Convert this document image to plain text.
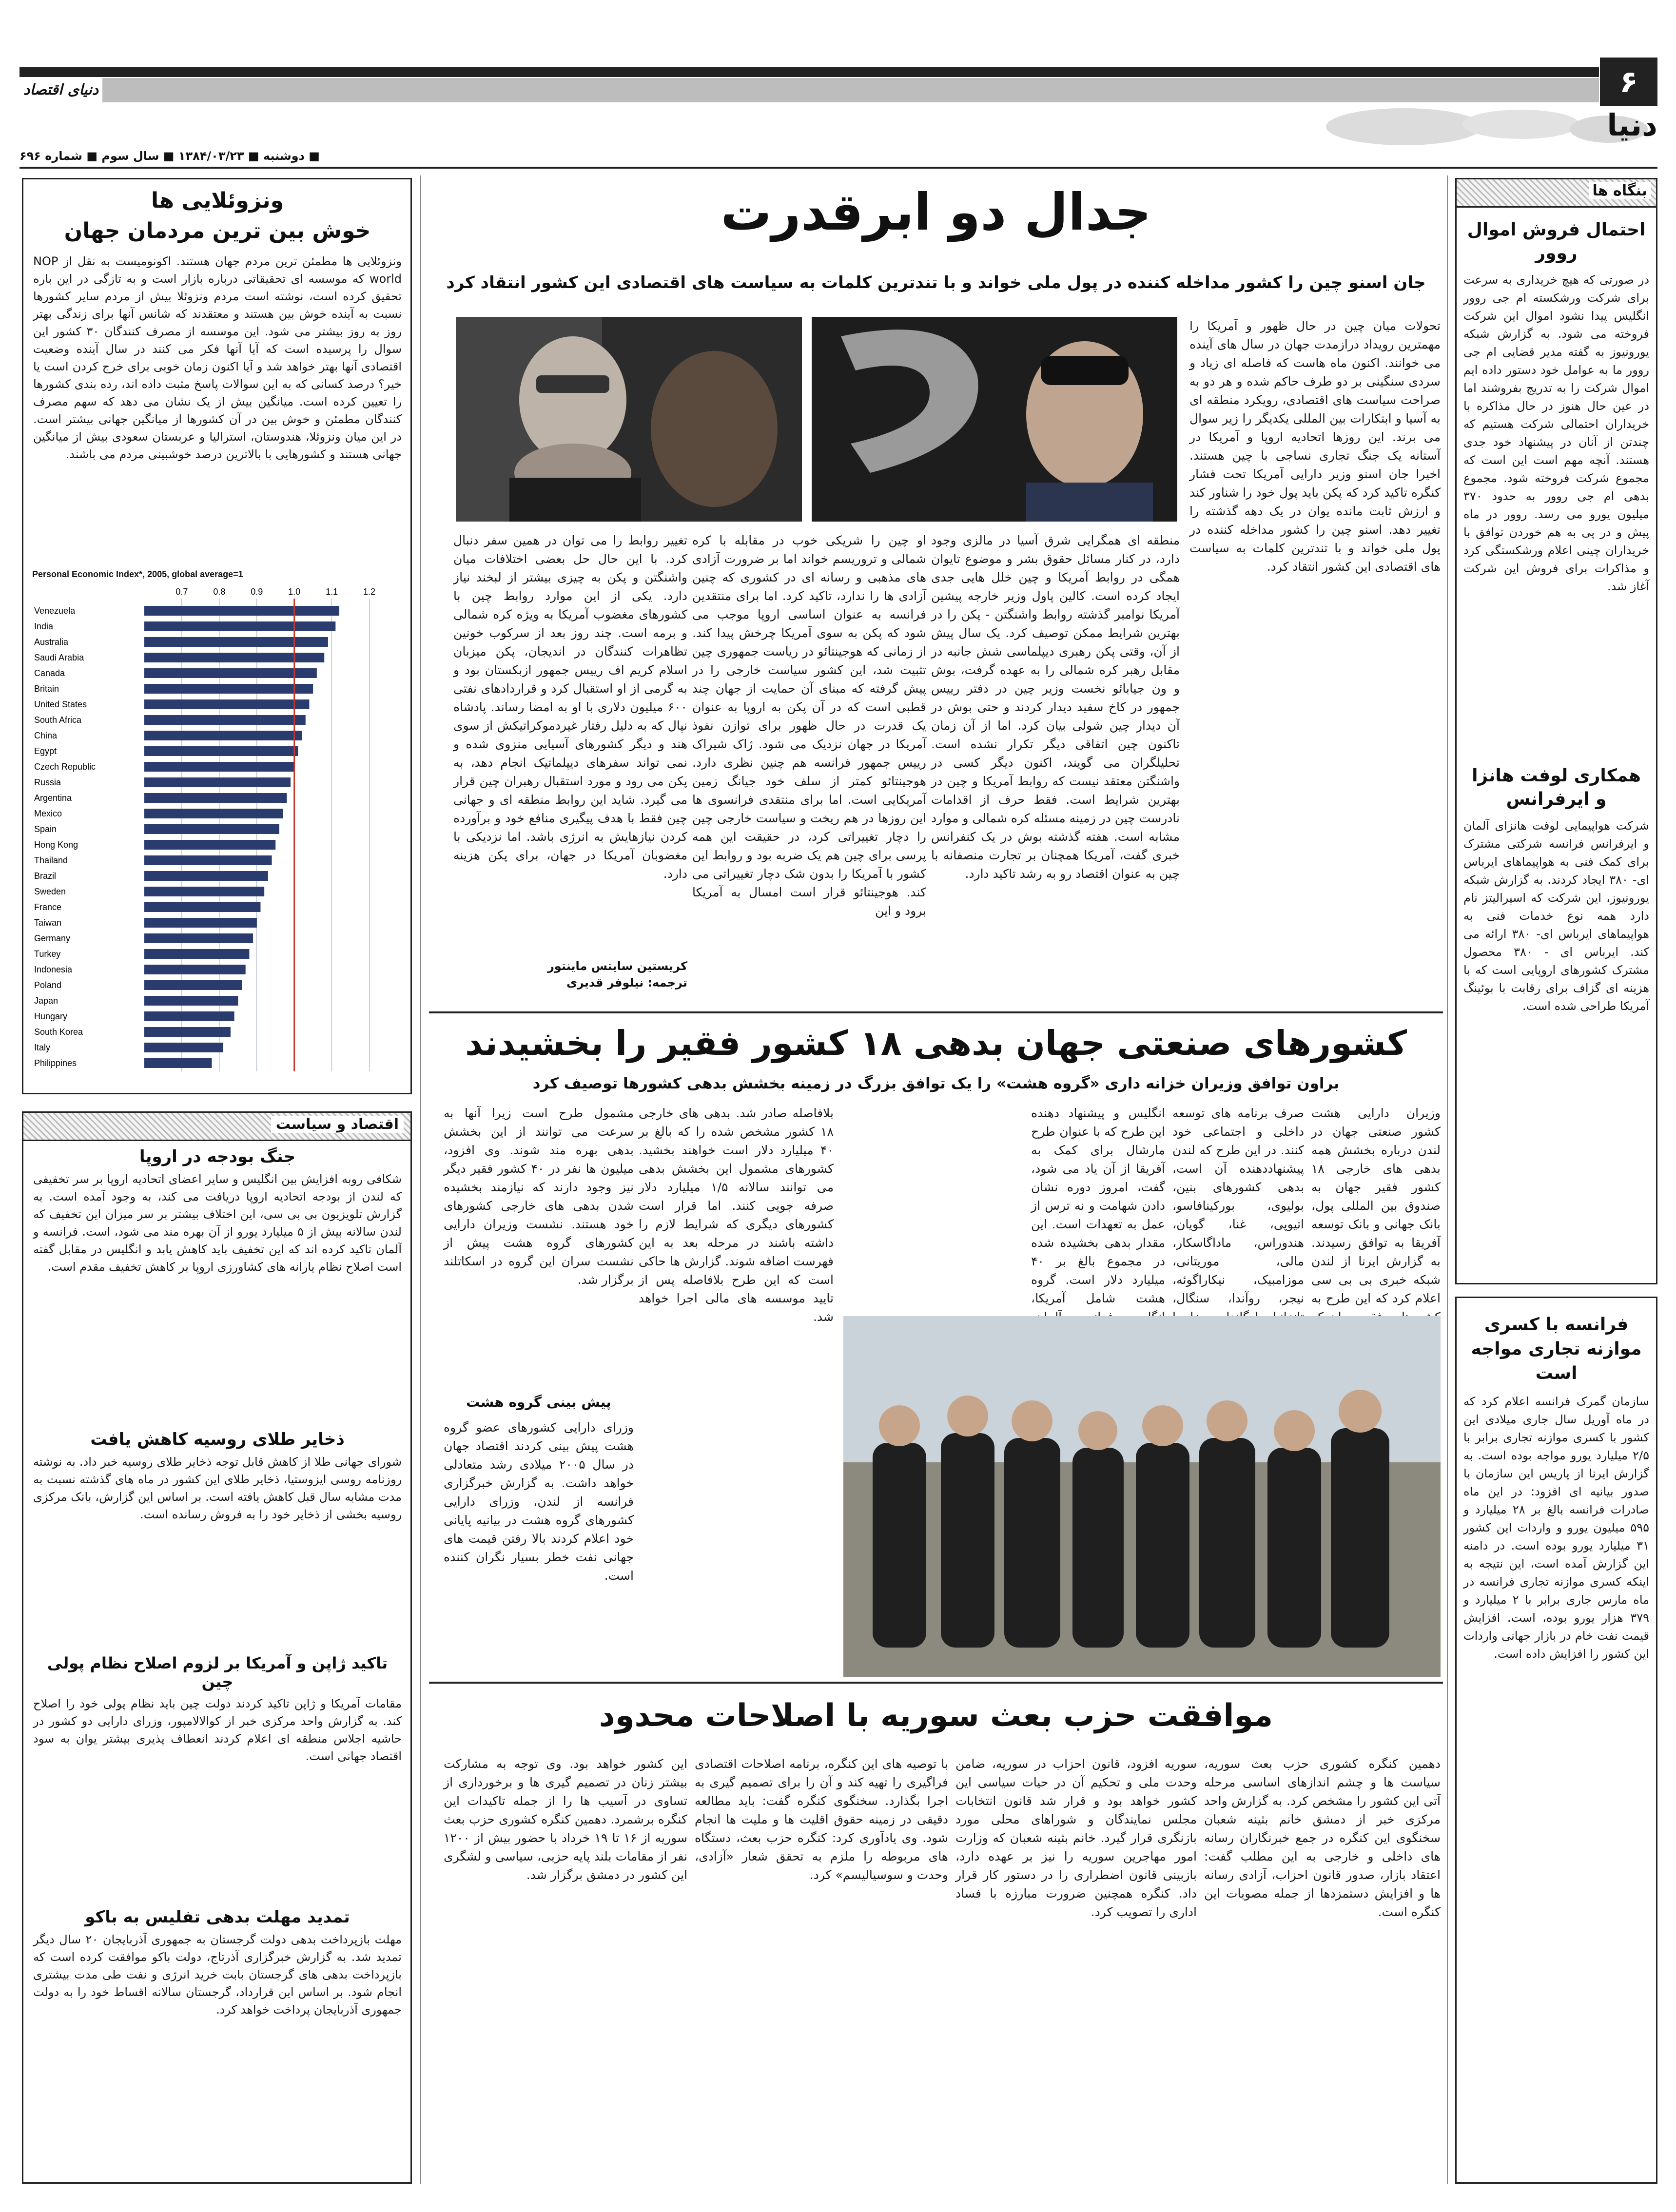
۶
دنیای اقتصاد
دنیا
■ دوشنبه ■ ۱۳۸۴/۰۳/۲۳ ■ سال سوم ■ شماره ۶۹۶
ونزوئلایی ها
خوش بین ترین مردمان جهان
ونزوئلایی ها مطمئن ترین مردم جهان هستند. اکونومیست به نقل از NOP world که موسسه ای تحقیقاتی درباره بازار است و به تازگی در این باره تحقیق کرده است، نوشته است مردم ونزوئلا بیش از مردم سایر کشورها نسبت به آینده خوش بین هستند و معتقدند که شانس آنها برای زندگی بهتر روز به روز بیشتر می شود. این موسسه از مصرف کنندگان ۳۰ کشور این سوال را پرسیده است که آیا آنها فکر می کنند در سال آینده وضعیت اقتصادی آنها بهتر خواهد شد و آیا اکنون زمان خوبی برای خرج کردن است یا خیر؟ درصد کسانی که به این سوالات پاسخ مثبت داده اند، رده بندی کشورها را تعیین کرده است. میانگین بیش از یک نشان می دهد که سهم مصرف کنندگان مطمئن و خوش بین در آن کشورها از میانگین جهانی بیشتر است. در این میان ونزوئلا، هندوستان، استرالیا و عربستان سعودی بیش از میانگین جهانی هستند و کشورهایی با بالاترین درصد خوشبینی مردم می باشند.
Personal Economic Index*, 2005, global average=1
0.7	0.8	0.9	1.0	1.1	1.2
Venezuela
India
Australia
Saudi Arabia
Canada
Britain
United States
South Africa
China
Egypt
Czech Republic
Russia
Argentina
Mexico
Spain
Hong Kong
Thailand
Brazil
Sweden
France
Taiwan
Germany
Turkey
Indonesia
Poland
Japan
Hungary
South Korea
Italy
Philippines
اقتصاد و سیاست
جنگ بودجه در اروپا
شکافی روبه افزایش بین انگلیس و سایر اعضای اتحادیه اروپا بر سر تخفیفی که لندن از بودجه اتحادیه اروپا دریافت می کند، به وجود آمده است. به گزارش تلویزیون بی بی سی، این اختلاف بیشتر بر سر میزان این تخفیف که لندن سالانه بیش از ۵ میلیارد یورو از آن بهره مند می شود، است. فرانسه و آلمان تاکید کرده اند که این تخفیف باید کاهش یابد و انگلیس در مقابل گفته است اصلاح نظام یارانه های کشاورزی اروپا بر کاهش تخفیف مقدم است.
ذخایر طلای روسیه کاهش یافت
شورای جهانی طلا از کاهش قابل توجه ذخایر طلای روسیه خبر داد. به نوشته روزنامه روسی ایزوستیا، ذخایر طلای این کشور در ماه های گذشته نسبت به مدت مشابه سال قبل کاهش یافته است. بر اساس این گزارش، بانک مرکزی روسیه بخشی از ذخایر خود را به فروش رسانده است.
تاکید ژاپن و آمریکا بر لزوم اصلاح نظام پولی چین
مقامات آمریکا و ژاپن تاکید کردند دولت چین باید نظام پولی خود را اصلاح کند. به گزارش واحد مرکزی خبر از کوالالامپور، وزرای دارایی دو کشور در حاشیه اجلاس منطقه ای اعلام کردند انعطاف پذیری بیشتر یوان به سود اقتصاد جهانی است.
تمدید مهلت بدهی تفلیس به باکو
مهلت بازپرداخت بدهی دولت گرجستان به جمهوری آذربایجان ۲۰ سال دیگر تمدید شد. به گزارش خبرگزاری آذرتاج، دولت باکو موافقت کرده است که بازپرداخت بدهی های گرجستان بابت خرید انرژی و نفت طی مدت بیشتری انجام شود. بر اساس این قرارداد، گرجستان سالانه اقساط خود را به دولت جمهوری آذربایجان پرداخت خواهد کرد.
بنگاه ها
احتمال فروش اموال روور
در صورتی که هیچ خریداری به سرعت برای شرکت ورشکسته ام جی روور انگلیس پیدا نشود اموال این شرکت فروخته می شود. به گزارش شبکه یورونیوز به گفته مدیر قضایی ام جی روور ما به عوامل خود دستور داده ایم اموال شرکت را به تدریج بفروشند اما در عین حال هنوز در حال مذاکره با خریداران احتمالی شرکت هستیم که چندتن از آنان در پیشنهاد خود جدی هستند. آنچه مهم است این است که مجموع شرکت فروخته شود. مجموع بدهی ام جی روور به حدود ۳۷۰ میلیون یورو می رسد. روور در ماه پیش و در پی به هم خوردن توافق با خریداران چینی اعلام ورشکستگی کرد و مذاکرات برای فروش این شرکت آغاز شد.
همکاری لوفت هانزا و ایرفرانس
شرکت هواپیمایی لوفت هانزای آلمان و ایرفرانس فرانسه شرکتی مشترک برای کمک فنی به هواپیماهای ایرباس ای- ۳۸۰ ایجاد کردند. به گزارش شبکه یورونیوز، این شرکت که اسپرالیتز نام دارد همه نوع خدمات فنی به هواپیماهای ایرباس ای- ۳۸۰ ارائه می کند. ایرباس ای - ۳۸۰ محصول مشترک کشورهای اروپایی است که با هزینه ای گزاف برای رقابت با بوئینگ آمریکا طراحی شده است.
فرانسه با کسری موازنه تجاری مواجه است
سازمان گمرک فرانسه اعلام کرد که در ماه آوریل سال جاری میلادی این کشور با کسری موازنه تجاری برابر با ۲/۵ میلیارد یورو مواجه بوده است. به گزارش ایرنا از پاریس این سازمان با صدور بیانیه ای افزود: در این ماه صادرات فرانسه بالغ بر ۲۸ میلیارد و ۵۹۵ میلیون یورو و واردات این کشور ۳۱ میلیارد یورو بوده است. در دامنه این گزارش آمده است، این نتیجه به اینکه کسری موازنه تجاری فرانسه در ماه مارس جاری برابر با ۲ میلیارد و ۳۷۹ هزار یورو بوده، است. افزایش قیمت نفت خام در بازار جهانی واردات این کشور را افزایش داده است.
جدال دو ابرقدرت
جان اسنو چین را کشور مداخله کننده در پول ملی خواند و با تندترین کلمات به سیاست های اقتصادی این کشور انتقاد کرد
تحولات میان چین در حال ظهور و آمریکا را مهمترین رویداد درازمدت جهان در سال های آینده می خوانند. اکنون ماه هاست که فاصله ای زیاد و سردی سنگینی بر دو طرف حاکم شده و هر دو به صراحت سیاست های اقتصادی، رویکرد منطقه ای به آسیا و ابتکارات بین المللی یکدیگر را زیر سوال می برند. این روزها اتحادیه اروپا و آمریکا در آستانه یک جنگ تجاری نساجی با چین هستند. اخیرا جان اسنو وزیر دارایی آمریکا تحت فشار کنگره تاکید کرد که پکن باید پول خود را شناور کند و ارزش ثابت مانده یوان در یک دهه گذشته را تغییر دهد. اسنو چین را کشور مداخله کننده در پول ملی خواند و با تندترین کلمات به سیاست های اقتصادی این کشور انتقاد کرد.
منطقه ای همگرایی شرق آسیا در مالزی وجود دارد، در کنار مسائل حقوق بشر و موضوع تایوان همگی در روابط آمریکا و چین خلل هایی جدی ایجاد کرده است. کالین پاول وزیر خارجه پیشین آمریکا نوامبر گذشته روابط واشنگتن - پکن را در بهترین شرایط ممکن توصیف کرد. یک سال پیش از آن، وقتی پکن رهبری دیپلماسی شش جانبه در مقابل رهبر کره شمالی را به عهده گرفت، بوش و ون جیابائو نخست وزیر چین در دفتر رییس جمهور در کاخ سفید دیدار کردند و حتی بوش در آن دیدار چین شولی بیان کرد. اما از آن زمان تاکنون چین اتفاقی دیگر تکرار نشده است. تحلیلگران می گویند، اکنون دیگر کسی در واشنگتن معتقد نیست که روابط آمریکا و چین در بهترین شرایط است. فقط حرف از اقدامات نادرست چین در زمینه مسئله کره شمالی و موارد مشابه است. هفته گذشته بوش در یک کنفرانس خبری گفت، آمریکا همچنان بر تجارت منصفانه با چین به عنوان اقتصاد رو به رشد تاکید دارد.
او چین را شریکی خوب در مقابله با کره شمالی و تروریسم خواند اما بر ضرورت آزادی های مذهبی و رسانه ای در کشوری که چنین آزادی ها را ندارد، تاکید کرد. اما برای منتقدین فرانسه به عنوان اساسی اروپا موجب می شود که پکن به سوی آمریکا چرخش پیدا کند. از زمانی که هوجینتائو در ریاست جمهوری چین تثبیت شد، این کشور سیاست خارجی را در پیش گرفته که مبنای آن حمایت از جهان چند قطبی است که در آن پکن به اروپا به عنوان یک قدرت در حال ظهور برای توازن نفوذ آمریکا در جهان نزدیک می شود. ژاک شیراک رییس جمهور فرانسه هم چنین نظری دارد. هوجینتائو کمتر از سلف خود جیانگ زمین آمریکایی است. اما برای منتقدی فرانسوی ها این روزها در هم ریخت و سیاست خارجی چین را دچار تغییراتی کرد، در حقیقت این همه پرسی برای چین هم یک ضربه بود و روابط این کشور با آمریکا را بدون شک دچار تغییراتی می کند. هوجینتائو قرار است امسال به آمریکا برود و این
تغییر روابط را می توان در همین سفر دنبال کرد. با این حال حل بعضی اختلافات میان واشنگتن و پکن به چیزی بیشتر از لبخند نیاز دارد. یکی از این موارد روابط چین با کشورهای مغضوب آمریکا به ویژه کره شمالی و برمه است. چند روز بعد از سرکوب خونین تظاهرات کنندگان در اندیجان، پکن میزبان اسلام کریم اف رییس جمهور ازبکستان بود و به گرمی از او استقبال کرد و قراردادهای نفتی ۶۰۰ میلیون دلاری با او به امضا رساند. پادشاه نپال که به دلیل رفتار غیردموکراتیکش از سوی هند و دیگر کشورهای آسیایی منزوی شده و نمی تواند سفرهای دیپلماتیک انجام دهد، به پکن می رود و مورد استقبال رهبران چین قرار می گیرد. شاید این روابط منطقه ای و جهانی چین فقط با هدف پیگیری منافع خود و برآورده کردن نیازهایش به انرژی باشد. اما نزدیکی با مغضوبان آمریکا در جهان، برای پکن هزینه دارد.
کریستین سایتس ماینتور
ترجمه: نیلوفر قدیری
کشورهای صنعتی جهان بدهی ۱۸ کشور فقیر را بخشیدند
براون توافق وزیران خزانه داری «گروه هشت» را یک توافق بزرگ در زمینه بخشش بدهی کشورها توصیف کرد
وزیران دارایی هشت کشور صنعتی جهان در لندن درباره بخشش همه بدهی های خارجی ۱۸ کشور فقیر جهان به صندوق بین المللی پول، بانک جهانی و بانک توسعه آفریقا به توافق رسیدند. به گزارش ایرنا از لندن شبکه خبری بی بی سی اعلام کرد که این طرح به
صرف برنامه های توسعه داخلی و اجتماعی خود کنند. در این طرح که لندن پیشنهاددهنده آن است، بدهی کشورهای بنین، بولیوی، بورکینافاسو، اتیوپی، غنا، گویان، هندوراس، ماداگاسکار، مالی، موریتانی، موزامبیک، نیکاراگوئه، نیجر، روآندا، سنگال،
انگلیس و پیشنهاد دهنده این طرح که با عنوان طرح مارشال برای کمک به آفریقا از آن یاد می شود، گفت، امروز دوره نشان دادن شهامت و نه ترس از عمل به تعهدات است. این مقدار بدهی بخشیده شده در مجموع بالغ بر ۴۰ میلیارد دلار است. گروه هشت شامل آمریکا،
بلافاصله صادر شد. بدهی های خارجی ۱۸ کشور مشخص شده را که بالغ بر ۴۰ میلیارد دلار است خواهند بخشید. کشورهای مشمول این بخشش بدهی می توانند سالانه ۱/۵ میلیارد دلار صرفه جویی کنند. اما قرار است کشورهای دیگری که شرایط لازم را داشته باشند در مرحله بعد به این فهرست اضافه شوند. گزارش ها حاکی است که این طرح بلافاصله پس از تایید موسسه های مالی اجرا خواهد شد.
مشمول طرح است زیرا آنها به سرعت می توانند از این بخشش بدهی بهره مند شوند. وی افزود، میلیون ها نفر در ۴۰ کشور فقیر دیگر نیز وجود دارند که نیازمند بخشیده شدن بدهی های خارجی کشورهای خود هستند. نشست وزیران دارایی کشورهای گروه هشت پیش از نشست سران این گروه در اسکاتلند برگزار شد.
پیش بینی گروه هشت
وزرای دارایی کشورهای عضو گروه هشت پیش بینی کردند اقتصاد جهان در سال ۲۰۰۵ میلادی رشد متعادلی خواهد داشت. به گزارش خبرگزاری فرانسه از لندن، وزرای دارایی کشورهای گروه هشت در بیانیه پایانی خود اعلام کردند بالا رفتن قیمت های جهانی نفت خطر بسیار نگران کننده است.
موافقت حزب بعث سوریه با اصلاحات محدود
دهمین کنگره کشوری حزب بعث سوریه، سیاست ها و چشم اندازهای اساسی مرحله آتی این کشور را مشخص کرد. به گزارش واحد مرکزی خبر از دمشق خانم بثینه شعبان سخنگوی این کنگره در جمع خبرنگاران رسانه های داخلی و خارجی به این مطلب گفت: اعتقاد بازار، صدور قانون احزاب، آزادی رسانه ها و افزایش دستمزدها از جمله مصوبات این کنگره است.
سوریه افزود، قانون احزاب در سوریه، ضامن وحدت ملی و تحکیم آن در حیات سیاسی این کشور خواهد بود و قرار شد قانون انتخابات مجلس نمایندگان و شوراهای محلی مورد بازنگری قرار گیرد. خانم بثینه شعبان که وزارت امور مهاجرین سوریه را نیز بر عهده دارد، بازبینی قانون اضطراری را در دستور کار قرار داد. کنگره همچنین ضرورت مبارزه با فساد اداری را تصویب کرد.
با توصیه های این کنگره، برنامه اصلاحات اقتصادی فراگیری را تهیه کند و آن را برای تصمیم گیری به اجرا بگذارد. سخنگوی کنگره گفت: باید مطالعه دقیقی در زمینه حقوق اقلیت ها و ملیت ها انجام شود. وی یادآوری کرد: کنگره حزب بعث، دستگاه های مربوطه را ملزم به تحقق شعار «آزادی، وحدت و سوسیالیسم» کرد.
این کشور خواهد بود. وی توجه به مشارکت بیشتر زنان در تصمیم گیری ها و برخورداری از تساوی در آسیب ها را از جمله تاکیدات این کنگره برشمرد. دهمین کنگره کشوری حزب بعث سوریه از ۱۶ تا ۱۹ خرداد با حضور بیش از ۱۲۰۰ نفر از مقامات بلند پایه حزبی، سیاسی و لشگری این کشور در دمشق برگزار شد.
